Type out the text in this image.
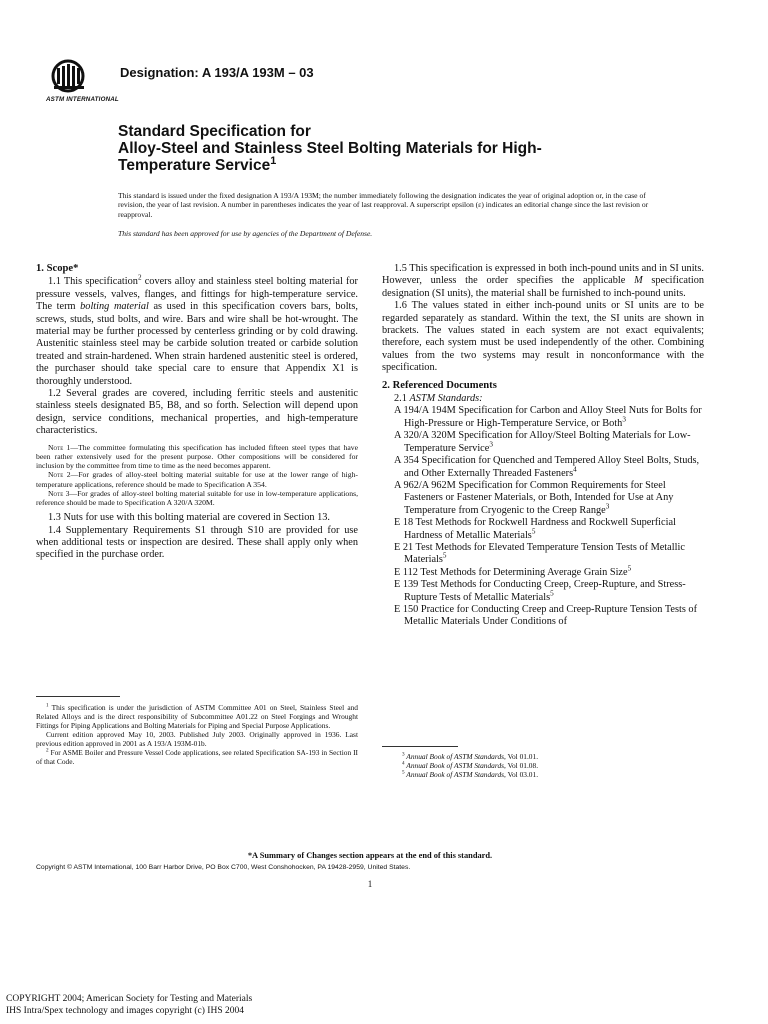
ASTM INTERNATIONAL
Designation: A 193/A 193M – 03
Standard Specification for
Alloy-Steel and Stainless Steel Bolting Materials for High-
Temperature Service$^1$
This standard is issued under the fixed designation A 193/A 193M; the number immediately following the designation indicates the year of original adoption or, in the case of revision, the year of last revision. A number in parentheses indicates the year of last reapproval. A superscript epsilon (ε) indicates an editorial change since the last revision or reapproval.
This standard has been approved for use by agencies of the Department of Defense.

1. Scope*

1.1 This specification$^2$ covers alloy and stainless steel bolting material for pressure vessels, valves, flanges, and fittings for high-temperature service. The term bolting material as used in this specification covers bars, bolts, screws, studs, stud bolts, and wire. Bars and wire shall be hot-wrought. The material may be further processed by centerless grinding or by cold drawing. Austenitic stainless steel may be carbide solution treated or carbide solution treated and strain-hardened. When strain hardened austenitic steel is ordered, the purchaser should take special care to ensure that Appendix X1 is thoroughly understood.

1.2 Several grades are covered, including ferritic steels and austenitic stainless steels designated B5, B8, and so forth. Selection will depend upon design, service conditions, mechanical properties, and high-temperature characteristics.

Note 1—The committee formulating this specification has included fifteen steel types that have been rather extensively used for the present purpose. Other compositions will be considered for inclusion by the committee from time to time as the need becomes apparent.

Note 2—For grades of alloy-steel bolting material suitable for use at the lower range of high-temperature applications, reference should be made to Specification A 354.

Note 3—For grades of alloy-steel bolting material suitable for use in low-temperature applications, reference should be made to Specification A 320/A 320M.

1.3 Nuts for use with this bolting material are covered in Section 13.

1.4 Supplementary Requirements S1 through S10 are provided for use when additional tests or inspection are desired. These shall apply only when specified in the purchase order.

1.5 This specification is expressed in both inch-pound units and in SI units. However, unless the order specifies the applicable M specification designation (SI units), the material shall be furnished to inch-pound units.

1.6 The values stated in either inch-pound units or SI units are to be regarded separately as standard. Within the text, the SI units are shown in brackets. The values stated in each system are not exact equivalents; therefore, each system must be used independently of the other. Combining values from the two systems may result in nonconformance with the specification.

2. Referenced Documents

2.1 ASTM Standards:

A 194/A 194M Specification for Carbon and Alloy Steel Nuts for Bolts for High-Pressure or High-Temperature Service, or Both$^3$

A 320/A 320M Specification for Alloy/Steel Bolting Materials for Low-Temperature Service$^3$

A 354 Specification for Quenched and Tempered Alloy Steel Bolts, Studs, and Other Externally Threaded Fasteners$^4$

A 962/A 962M Specification for Common Requirements for Steel Fasteners or Fastener Materials, or Both, Intended for Use at Any Temperature from Cryogenic to the Creep Range$^3$

E 18 Test Methods for Rockwell Hardness and Rockwell Superficial Hardness of Metallic Materials$^5$

E 21 Test Methods for Elevated Temperature Tension Tests of Metallic Materials$^5$

E 112 Test Methods for Determining Average Grain Size$^5$

E 139 Test Methods for Conducting Creep, Creep-Rupture, and Stress-Rupture Tests of Metallic Materials$^5$

E 150 Practice for Conducting Creep and Creep-Rupture Tension Tests of Metallic Materials Under Conditions of

$^1$ This specification is under the jurisdiction of ASTM Committee A01 on Steel, Stainless Steel and Related Alloys and is the direct responsibility of Subcommittee A01.22 on Steel Forgings and Wrought Fittings for Piping Applications and Bolting Materials for Piping and Special Purpose Applications.

Current edition approved May 10, 2003. Published July 2003. Originally approved in 1936. Last previous edition approved in 2001 as A 193/A 193M-01b.

$^2$ For ASME Boiler and Pressure Vessel Code applications, see related Specification SA-193 in Section II of that Code.

$^3$ Annual Book of ASTM Standards, Vol 01.01.

$^4$ Annual Book of ASTM Standards, Vol 01.08.

$^5$ Annual Book of ASTM Standards, Vol 03.01.

*A Summary of Changes section appears at the end of this standard.
Copyright © ASTM International, 100 Barr Harbor Drive, PO Box C700, West Conshohocken, PA 19428-2959, United States.
1
COPYRIGHT 2004; American Society for Testing and Materials
IHS Intra/Spex technology and images copyright (c) IHS 2004
